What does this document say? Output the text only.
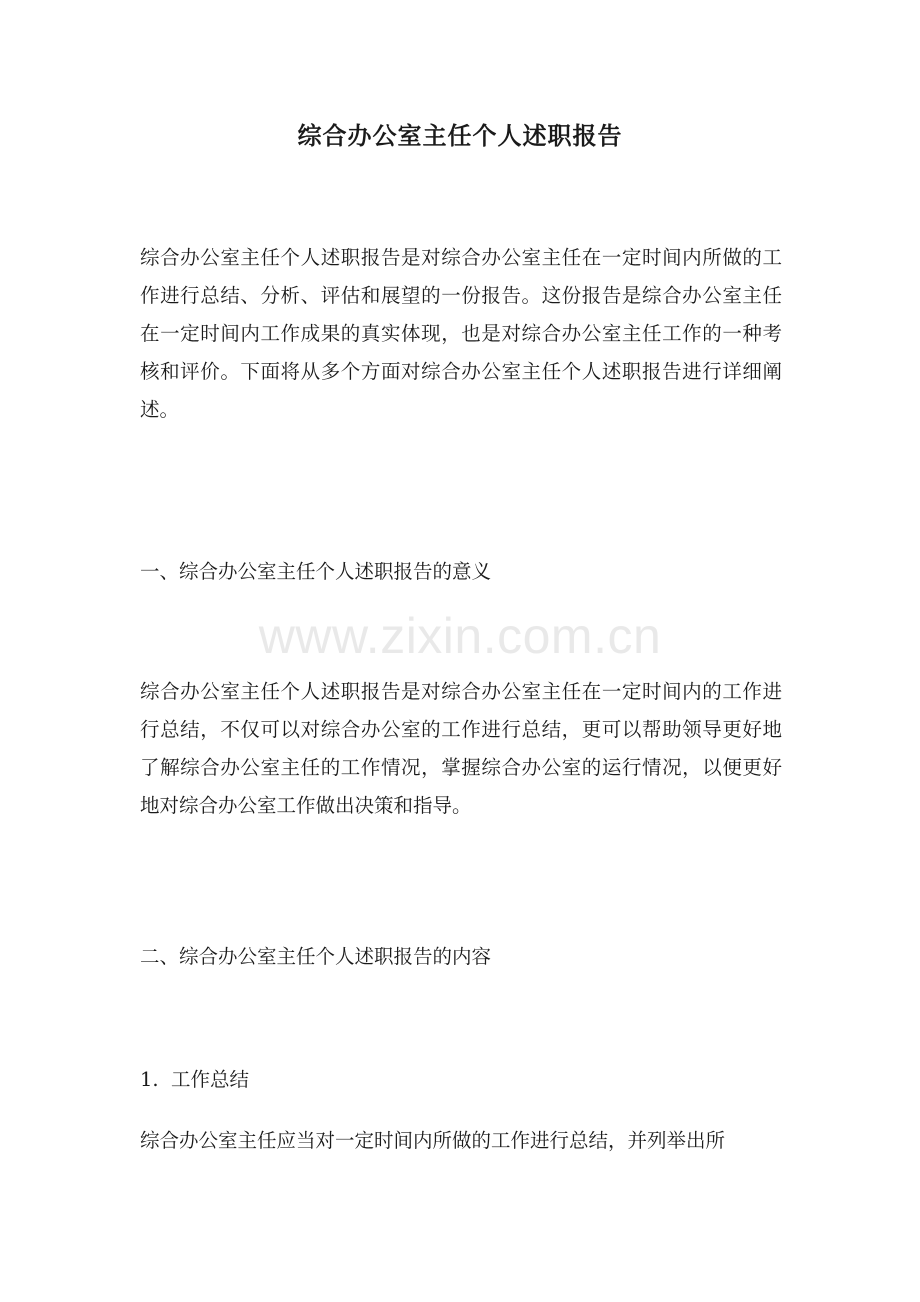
综合办公室主任个人述职报告

综合办公室主任个人述职报告是对综合办公室主任在一定时间内所做的工作进行总结、分析、评估和展望的一份报告。这份报告是综合办公室主任在一定时间内工作成果的真实体现，也是对综合办公室主任工作的一种考核和评价。下面将从多个方面对综合办公室主任个人述职报告进行详细阐述。

一、综合办公室主任个人述职报告的意义

www.zixin.com.cn

综合办公室主任个人述职报告是对综合办公室主任在一定时间内的工作进行总结，不仅可以对综合办公室的工作进行总结，更可以帮助领导更好地了解综合办公室主任的工作情况，掌握综合办公室的运行情况，以便更好地对综合办公室工作做出决策和指导。

二、综合办公室主任个人述职报告的内容

1.  工作总结

综合办公室主任应当对一定时间内所做的工作进行总结，并列举出所
